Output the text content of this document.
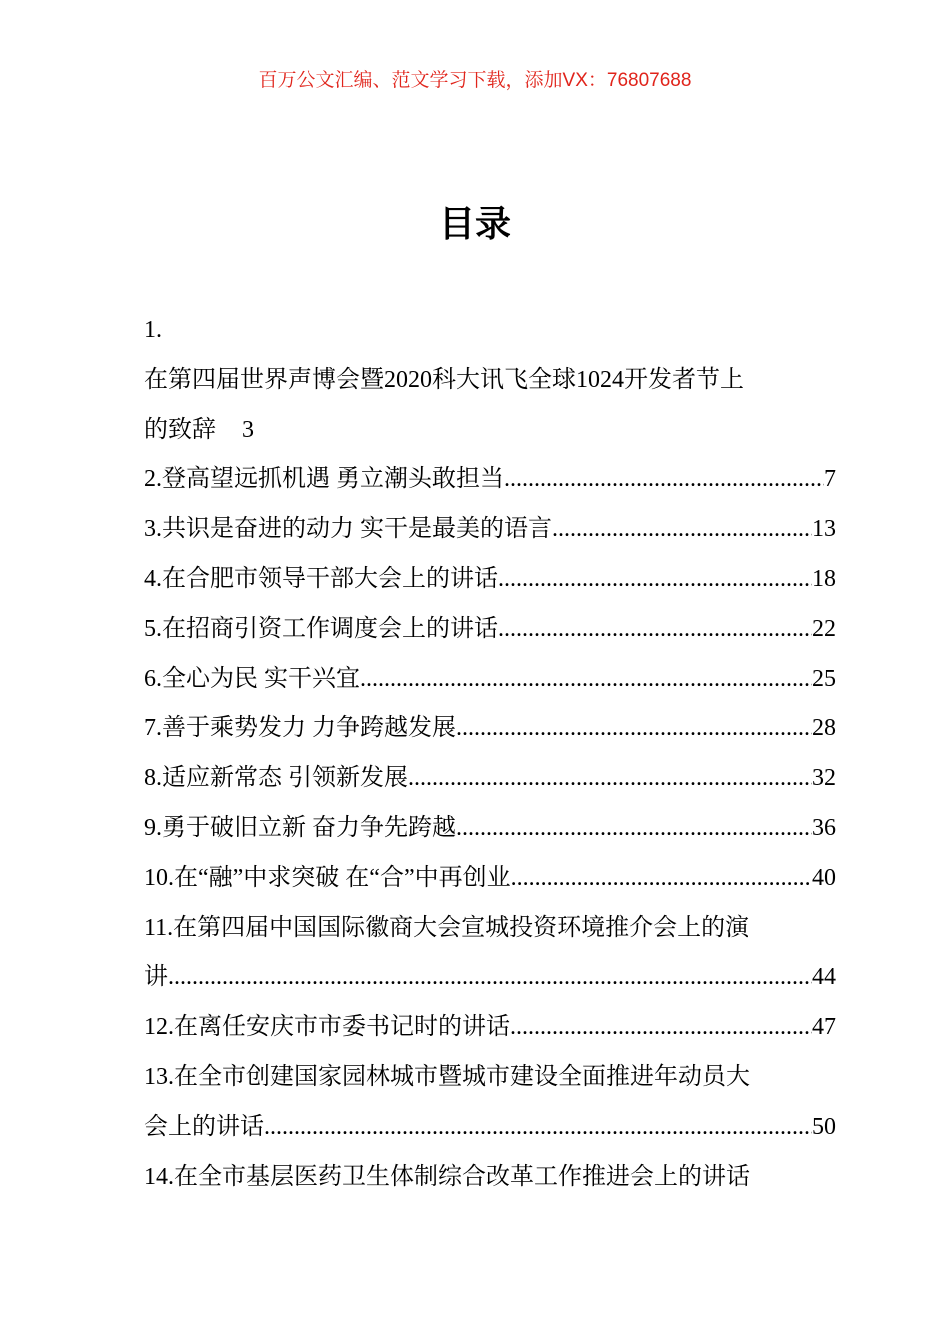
百万公文汇编、范文学习下载，添加VX：76807688
目录
1.
在第四届世界声博会暨2020科大讯飞全球1024开发者节上
的致辞 3
2.登高望远抓机遇 勇立潮头敢担当 .....	7
3.共识是奋进的动力 实干是最美的语言 .....	13
4.在合肥市领导干部大会上的讲话 .....	18
5.在招商引资工作调度会上的讲话 .....	22
6.全心为民 实干兴宜 .....	25
7.善于乘势发力 力争跨越发展 .....	28
8.适应新常态 引领新发展 .....	32
9.勇于破旧立新 奋力争先跨越 .....	36
10.在“融”中求突破 在“合”中再创业 .....	40
11.在第四届中国国际徽商大会宣城投资环境推介会上的演
讲 .....	44
12.在离任安庆市市委书记时的讲话 .....	47
13.在全市创建国家园林城市暨城市建设全面推进年动员大
会上的讲话 .....	50
14.在全市基层医药卫生体制综合改革工作推进会上的讲话
